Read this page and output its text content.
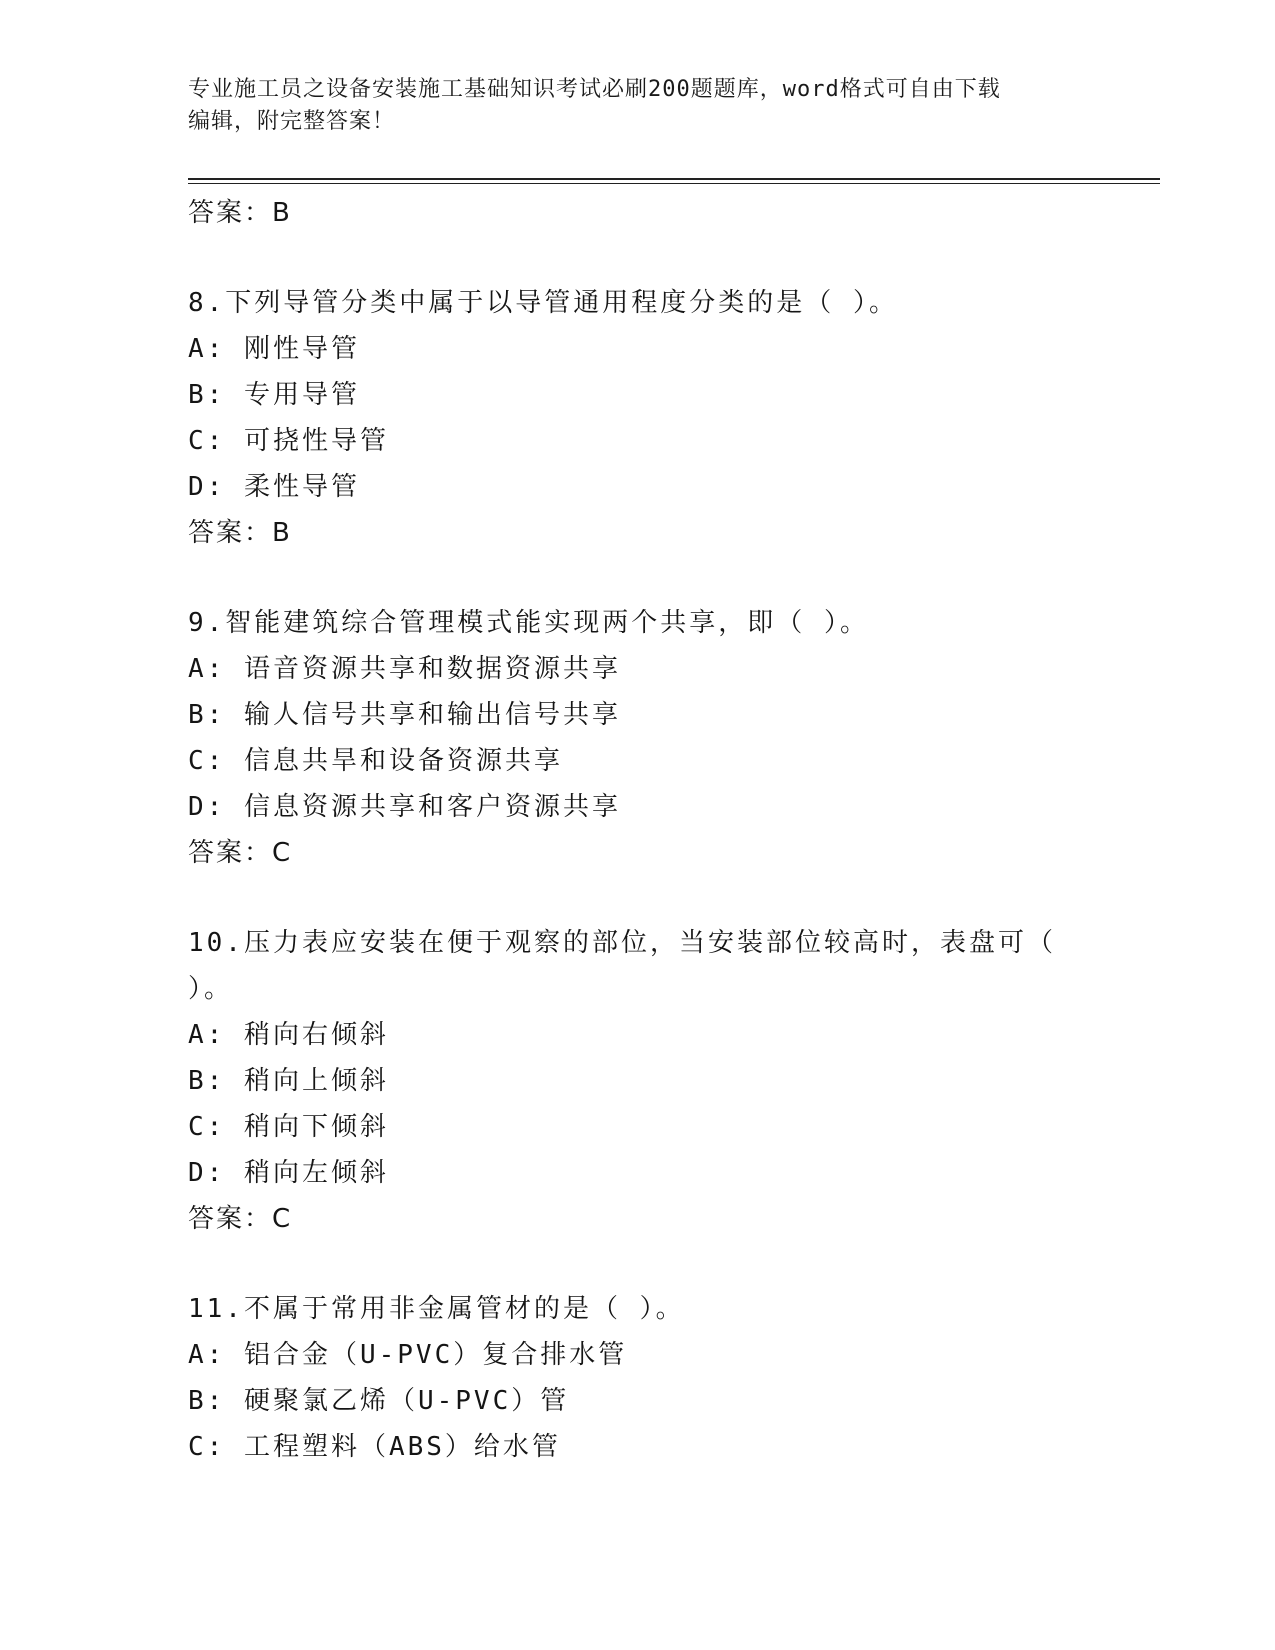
专业施工员之设备安装施工基础知识考试必刷200题题库，word格式可自由下载
编辑，附完整答案！
答案：B
8.下列导管分类中属于以导管通用程度分类的是（ ）。
A: 刚性导管
B: 专用导管
C: 可挠性导管
D: 柔性导管
答案：B
9.智能建筑综合管理模式能实现两个共享，即（ ）。
A: 语音资源共享和数据资源共享
B: 输人信号共享和输出信号共享
C: 信息共旱和设备资源共享
D: 信息资源共享和客户资源共享
答案：C
10.压力表应安装在便于观察的部位，当安装部位较高时，表盘可（
）。
A: 稍向右倾斜
B: 稍向上倾斜
C: 稍向下倾斜
D: 稍向左倾斜
答案：C
11.不属于常用非金属管材的是（ ）。
A: 铝合金（U-PVC）复合排水管
B: 硬聚氯乙烯（U-PVC）管
C: 工程塑料（ABS）给水管
